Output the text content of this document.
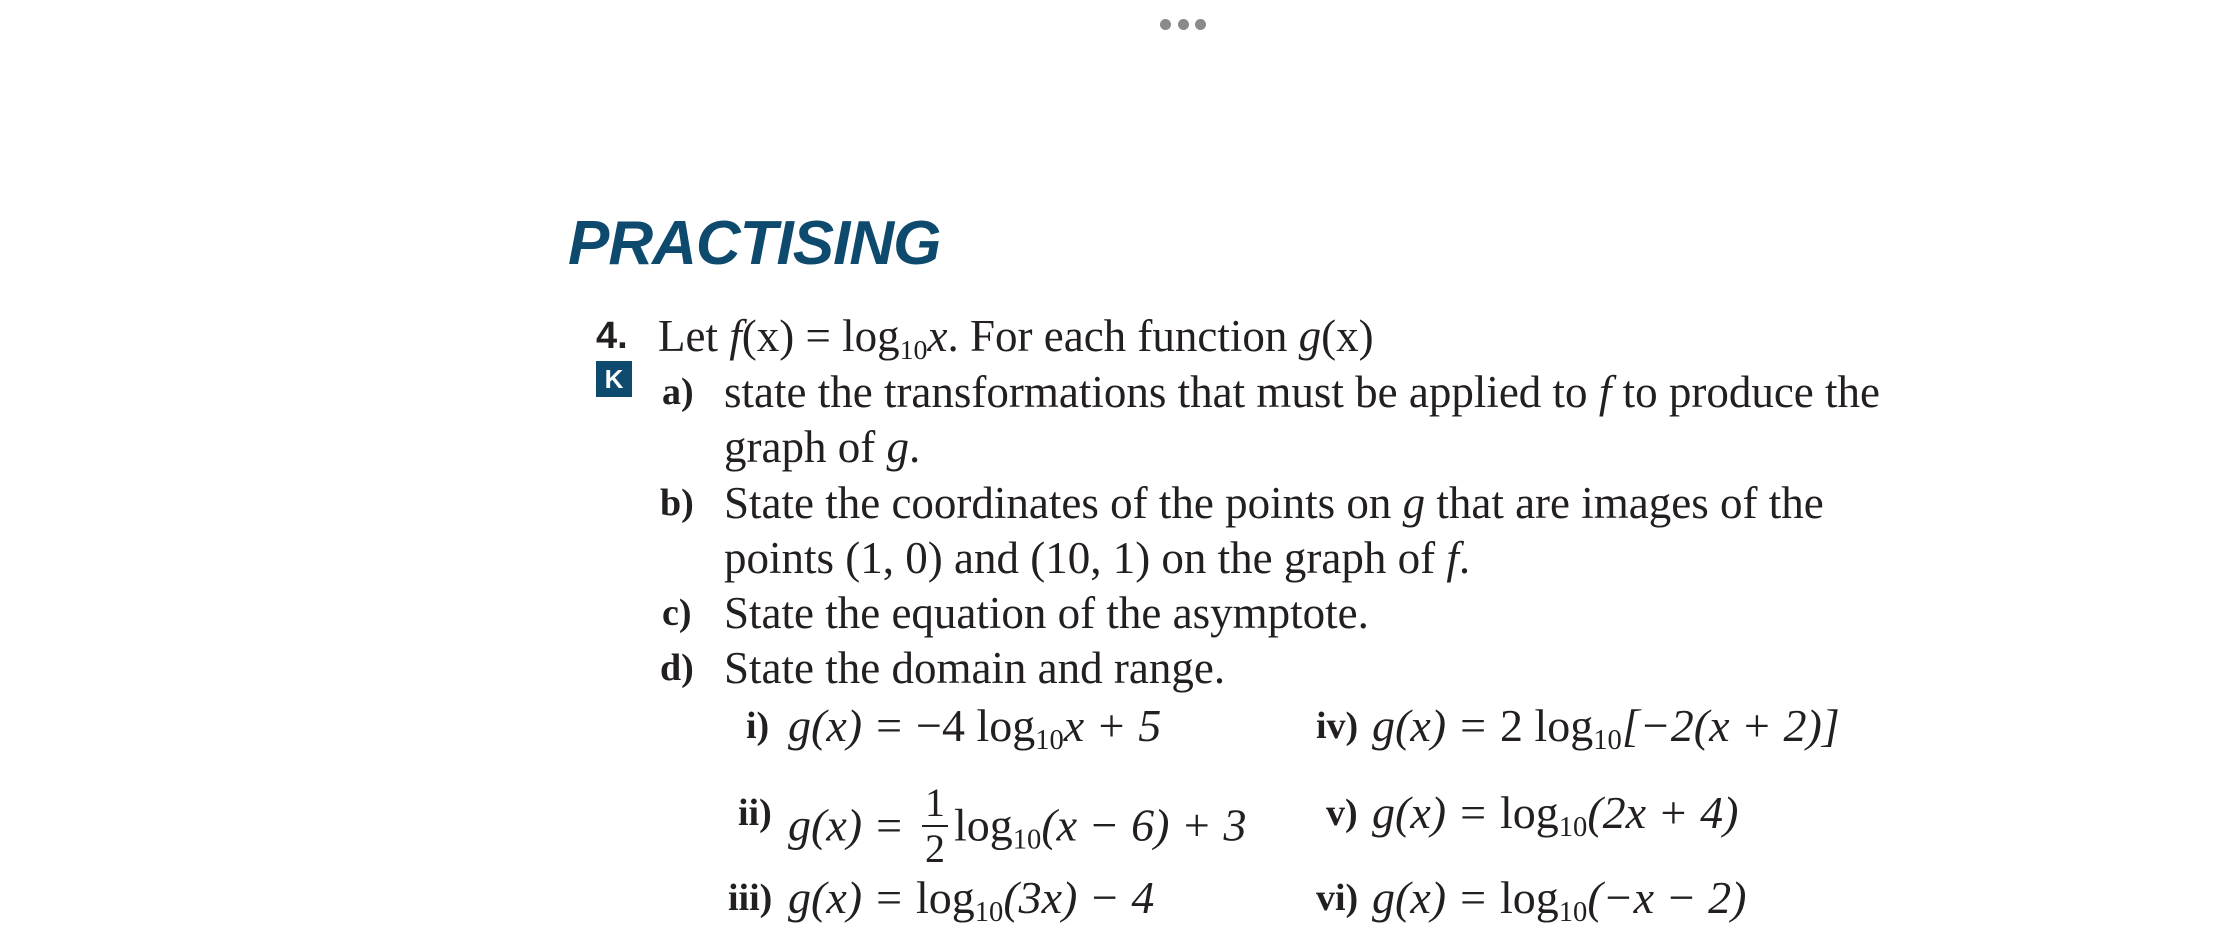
PRACTISING
4.
K
Let $f(x) = \log_{10}x$. For each function g(x)
a) state the transformations that must be applied to f to produce the
graph of g.
b) State the coordinates of the points on g that are images of the
points (1, 0) and (10, 1) on the graph of f.
c) State the equation of the asymptote.
d) State the domain and range.
i) g(x) = −4 $\log_{10}x + 5$
ii) $g(x) = \frac{1}{2} \log_{10}(x - 6) + 3$
iii) $g(x) = \log_{10}(3x) - 4$
iv) g(x) = 2 $\log_{10}[-2(x + 2)]$
v) $g(x) = \log_{10}(2x + 4)$
vi) $g(x) = \log_{10}(-x - 2)$
